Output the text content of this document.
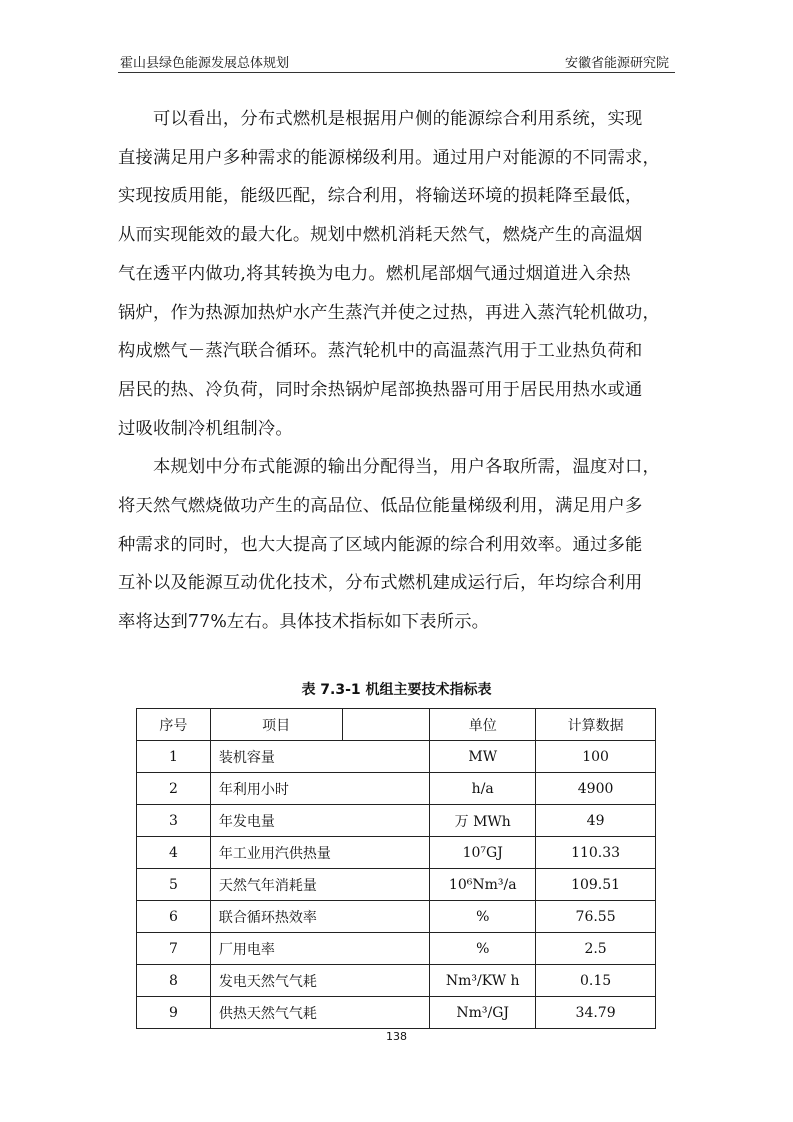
霍山县绿色能源发展总体规划	安徽省能源研究院
　　可以看出，分布式燃机是根据用户侧的能源综合利用系统，实现
直接满足用户多种需求的能源梯级利用。通过用户对能源的不同需求，
实现按质用能，能级匹配，综合利用，将输送环境的损耗降至最低，
从而实现能效的最大化。规划中燃机消耗天然气，燃烧产生的高温烟
气在透平内做功,将其转换为电力。燃机尾部烟气通过烟道进入余热
锅炉，作为热源加热炉水产生蒸汽并使之过热，再进入蒸汽轮机做功，
构成燃气－蒸汽联合循环。蒸汽轮机中的高温蒸汽用于工业热负荷和
居民的热、冷负荷，同时余热锅炉尾部换热器可用于居民用热水或通
过吸收制冷机组制冷。
　　本规划中分布式能源的输出分配得当，用户各取所需，温度对口，
将天然气燃烧做功产生的高品位、低品位能量梯级利用，满足用户多
种需求的同时，也大大提高了区域内能源的综合利用效率。通过多能
互补以及能源互动优化技术，分布式燃机建成运行后，年均综合利用
率将达到77%左右。具体技术指标如下表所示。
表 7.3-1 机组主要技术指标表
序号	项目		单位	计算数据
1	装机容量		MW	100
2	年利用小时		h/a	4900
3	年发电量		万 MWh	49
4	年工业用汽供热量		10⁷GJ	110.33
5	天然气年消耗量		10⁶Nm³/a	109.51
6	联合循环热效率		%	76.55
7	厂用电率		%	2.5
8	发电天然气气耗		Nm³/KW h	0.15
9	供热天然气气耗		Nm³/GJ	34.79
138
